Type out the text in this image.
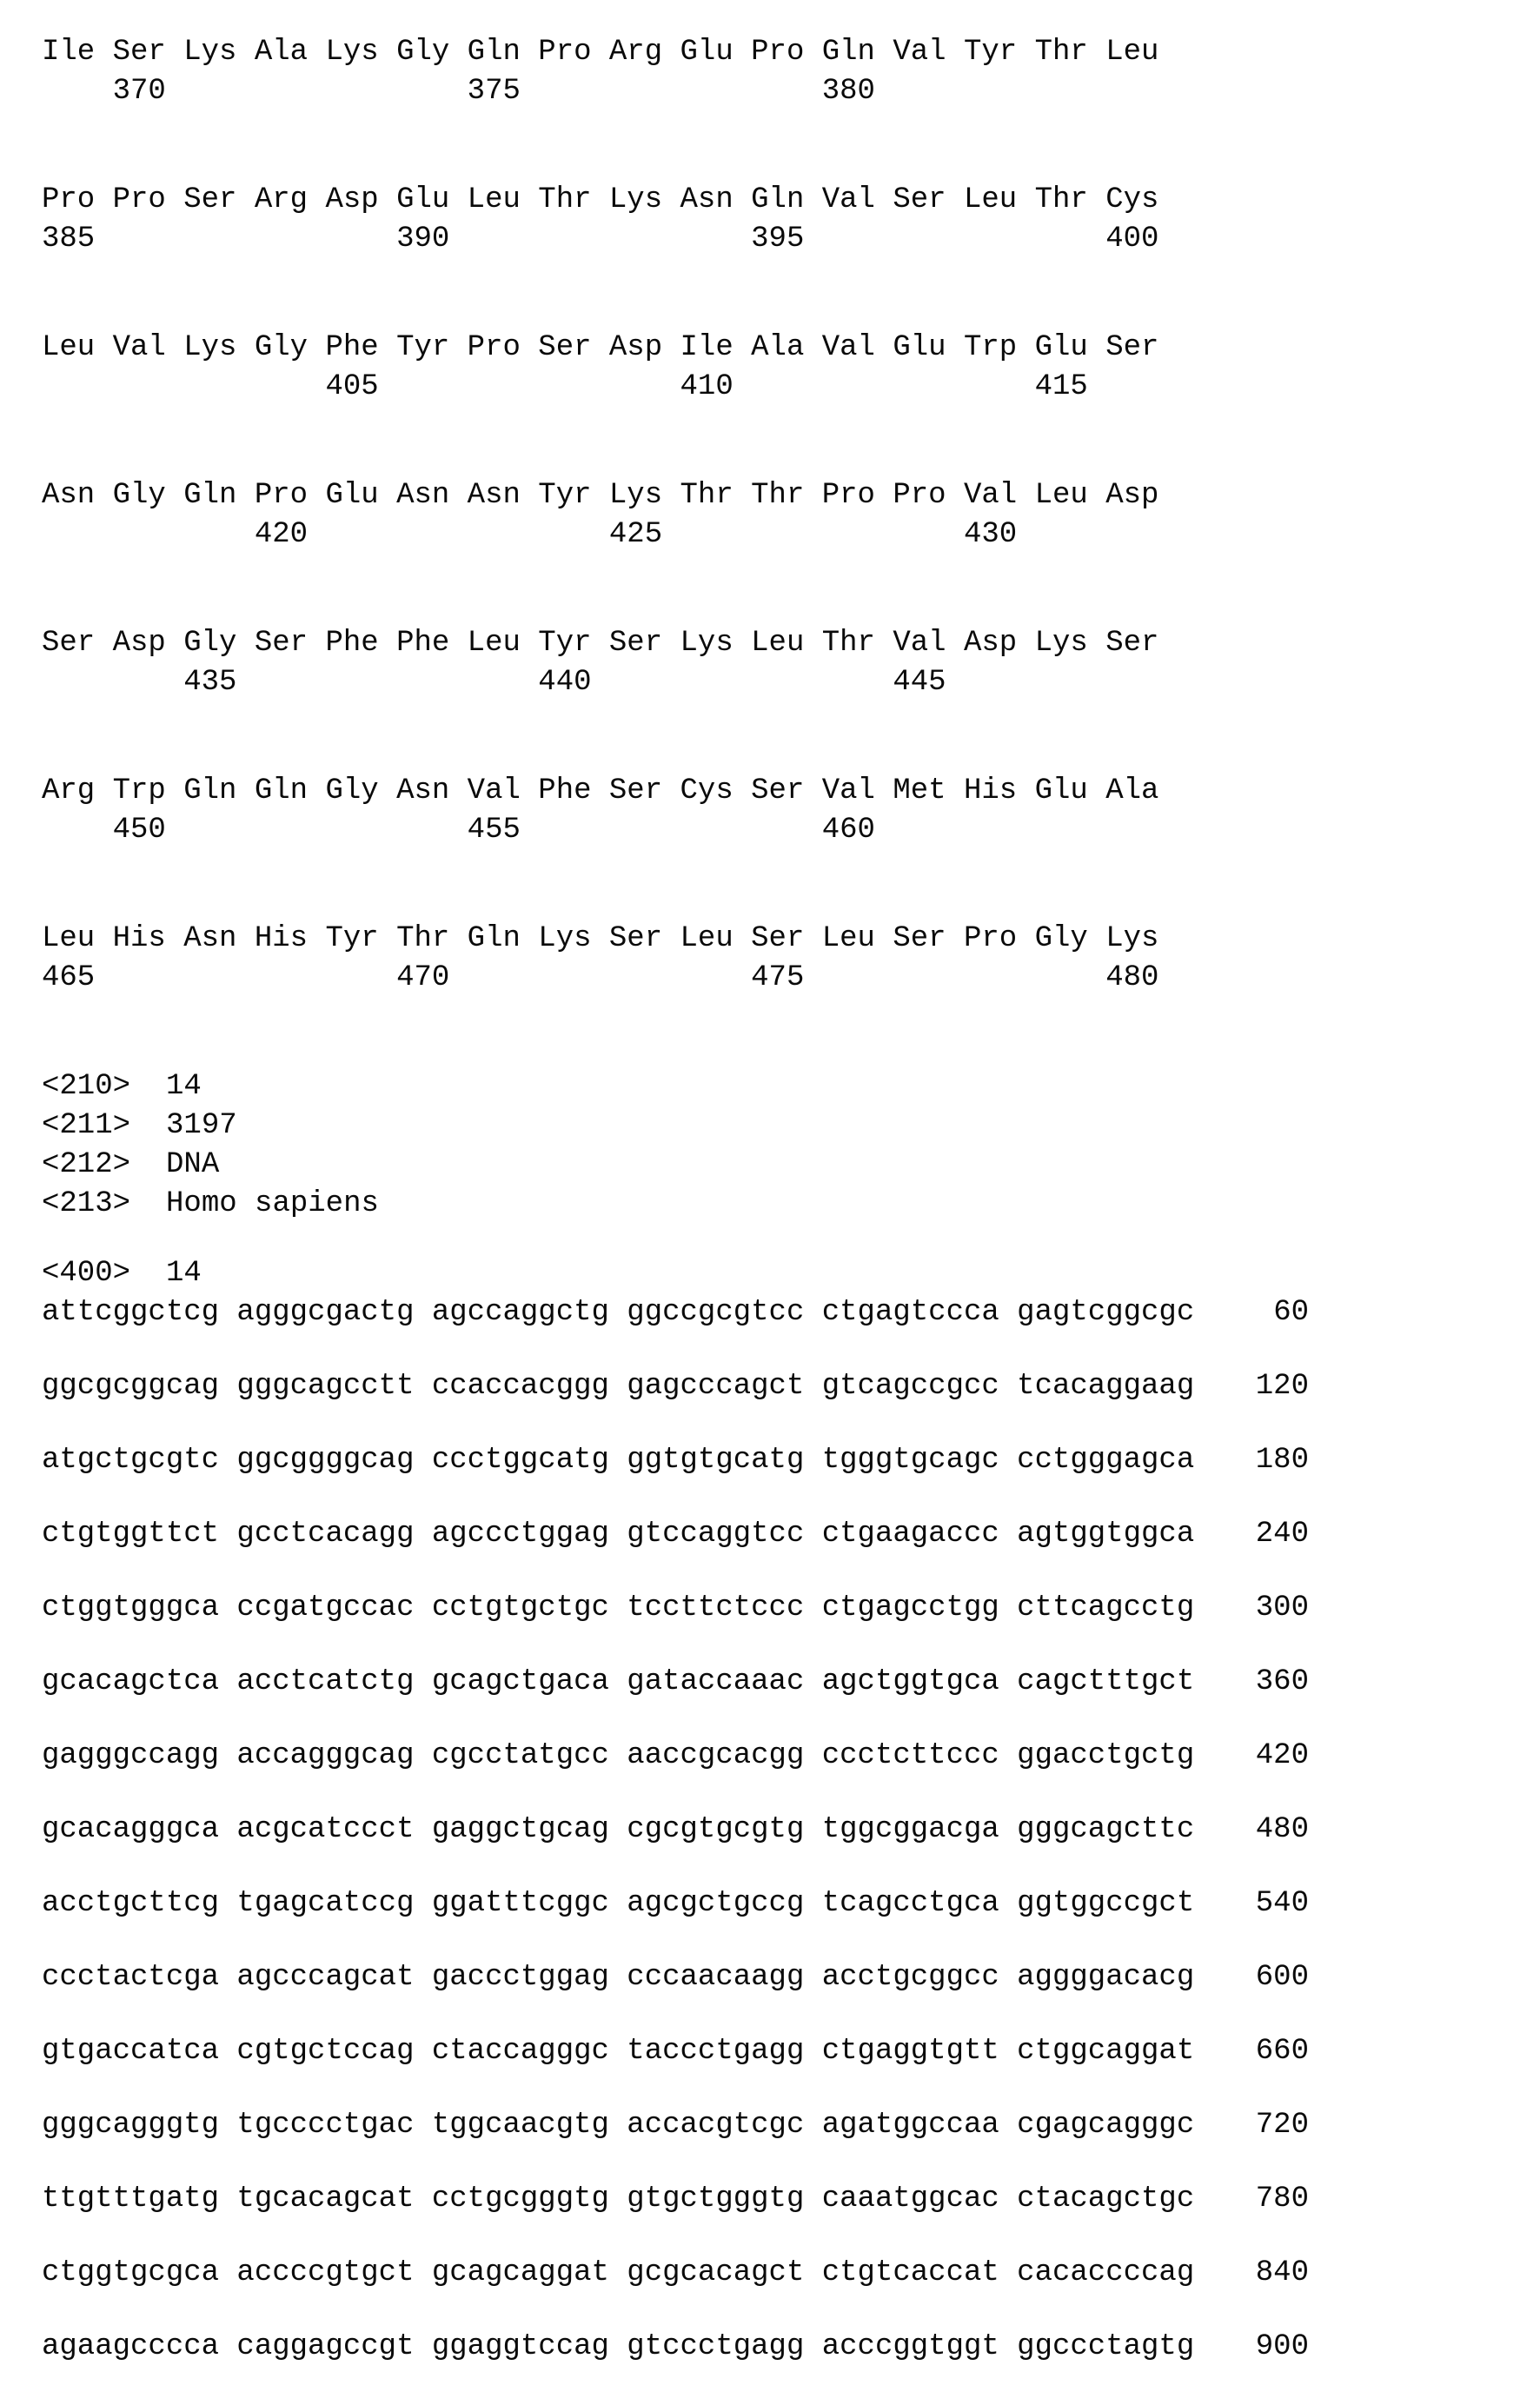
Ile Ser Lys Ala Lys Gly Gln Pro Arg Glu Pro Gln Val Tyr Thr Leu
370                 375                 380
Pro Pro Ser Arg Asp Glu Leu Thr Lys Asn Gln Val Ser Leu Thr Cys
385                 390                 395                 400
Leu Val Lys Gly Phe Tyr Pro Ser Asp Ile Ala Val Glu Trp Glu Ser
405                 410                 415
Asn Gly Gln Pro Glu Asn Asn Tyr Lys Thr Thr Pro Pro Val Leu Asp
420                 425                 430
Ser Asp Gly Ser Phe Phe Leu Tyr Ser Lys Leu Thr Val Asp Lys Ser
435                 440                 445
Arg Trp Gln Gln Gly Asn Val Phe Ser Cys Ser Val Met His Glu Ala
450                 455                 460
Leu His Asn His Tyr Thr Gln Lys Ser Leu Ser Leu Ser Pro Gly Lys
465                 470                 475                 480
<210> 14
<211> 3197
<212> DNA
<213> Homo sapiens
<400> 14
attcggctcg agggcgactg agccaggctg ggccgcgtcc ctgagtccca gagtcggcgc	60
ggcgcggcag gggcagcctt ccaccacggg gagcccagct gtcagccgcc tcacaggaag 120
atgctgcgtc ggcggggcag ccctggcatg ggtgtgcatg tgggtgcagc cctgggagca 180
ctgtggttct gcctcacagg agccctggag gtccaggtcc ctgaagaccc agtggtggca 240
ctggtgggca ccgatgccac cctgtgctgc tccttctccc ctgagcctgg cttcagcctg 300
gcacagctca acctcatctg gcagctgaca gataccaaac agctggtgca cagctttgct 360
gagggccagg accagggcag cgcctatgcc aaccgcacgg ccctcttccc ggacctgctg 420
gcacagggca acgcatccct gaggctgcag cgcgtgcgtg tggcggacga gggcagcttc 480
acctgcttcg tgagcatccg ggatttcggc agcgctgccg tcagcctgca ggtggccgct 540
ccctactcga agcccagcat gaccctggag cccaacaagg acctgcggcc aggggacacg 600
gtgaccatca cgtgctccag ctaccagggc taccctgagg ctgaggtgtt ctggcaggat 660
gggcagggtg tgcccctgac tggcaacgtg accacgtcgc agatggccaa cgagcagggc 720
ttgtttgatg tgcacagcat cctgcgggtg gtgctgggtg caaatggcac ctacagctgc 780
ctggtgcgca accccgtgct gcagcaggat gcgcacagct ctgtcaccat cacaccccag 840
agaagcccca caggagccgt ggaggtccag gtccctgagg acccggtggt ggccctagtg 900
